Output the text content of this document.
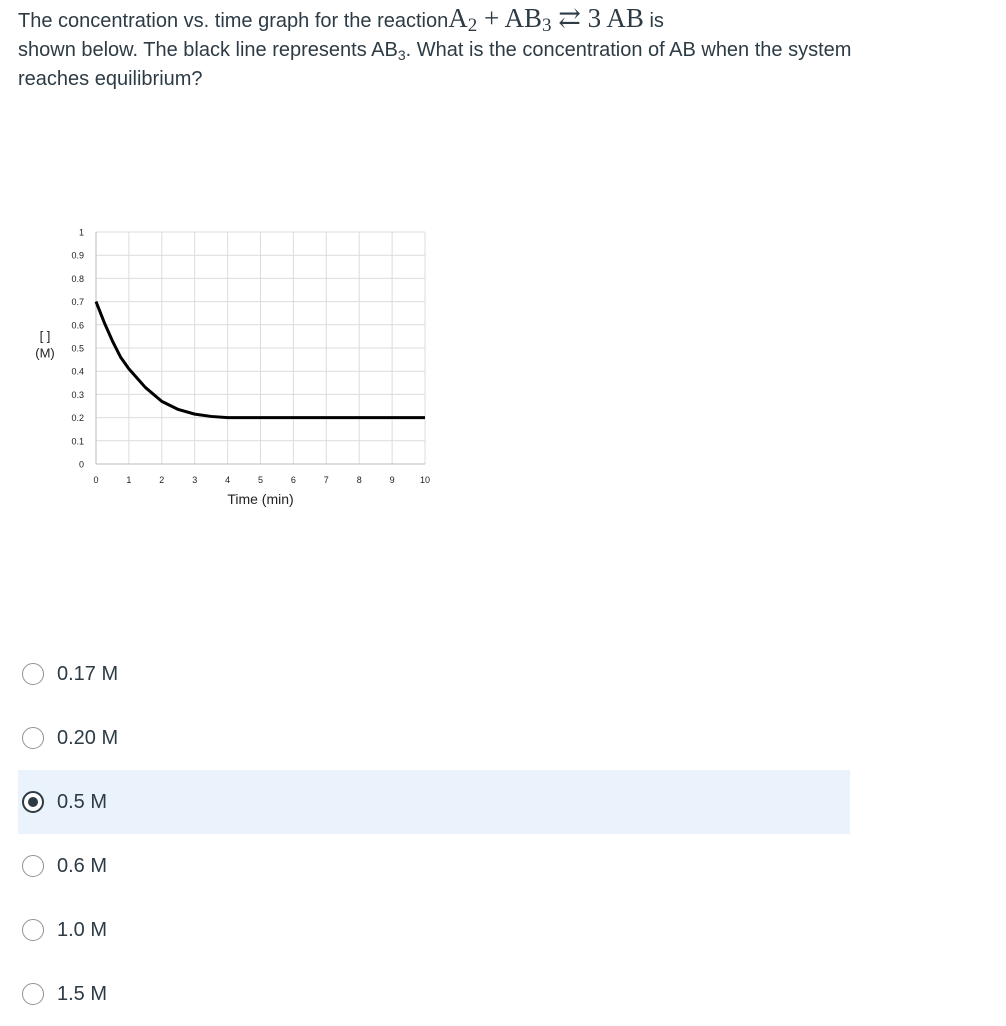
The concentration vs. time graph for the reactionA$_2$ + $AB_3$ ⇄ 3 AB is
shown below. The black line represents $AB_3$. What is the concentration of AB when the system reaches equilibrium?
0
0.1
0.2
0.3
0.4
0.5
0.6
0.7
0.8
0.9
1
0	1	2	3	4	5	6	7	8	9	10
Time (min)
[ ]
(M)
0.17 M
0.20 M
0.5 M
0.6 M
1.0 M
1.5 M
